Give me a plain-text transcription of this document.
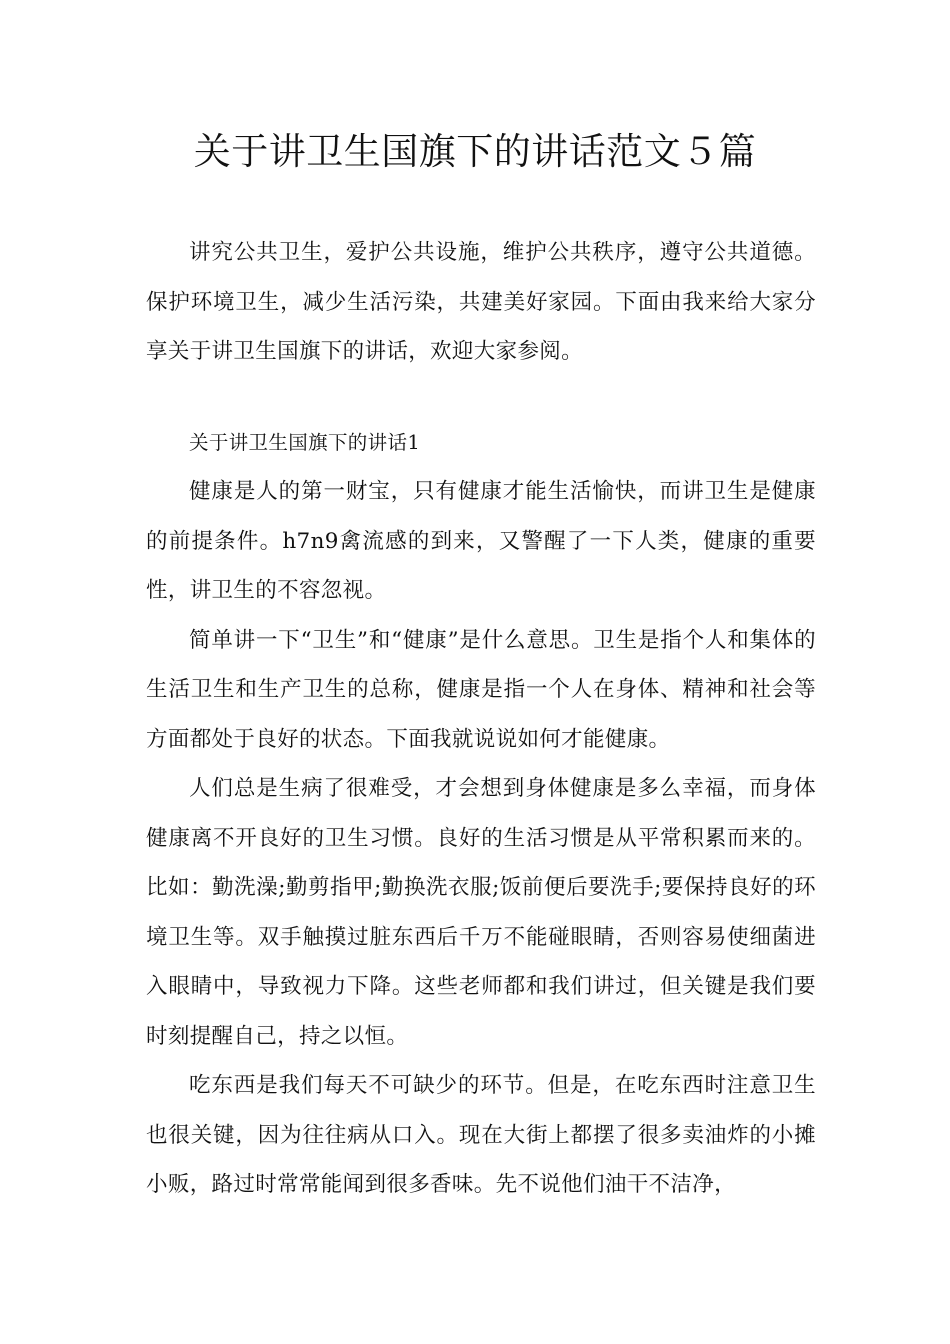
关于讲卫生国旗下的讲话范文５篇

讲究公共卫生，爱护公共设施，维护公共秩序，遵守公共道德。保护环境卫生，减少生活污染，共建美好家园。下面由我来给大家分享关于讲卫生国旗下的讲话，欢迎大家参阅。

关于讲卫生国旗下的讲话1

健康是人的第一财宝，只有健康才能生活愉快，而讲卫生是健康的前提条件。h7n9禽流感的到来，又警醒了一下人类，健康的重要性，讲卫生的不容忽视。

简单讲一下“卫生”和“健康”是什么意思。卫生是指个人和集体的生活卫生和生产卫生的总称，健康是指一个人在身体、精神和社会等方面都处于良好的状态。下面我就说说如何才能健康。

人们总是生病了很难受，才会想到身体健康是多么幸福，而身体健康离不开良好的卫生习惯。良好的生活习惯是从平常积累而来的。比如：勤洗澡;勤剪指甲;勤换洗衣服;饭前便后要洗手;要保持良好的环境卫生等。双手触摸过脏东西后千万不能碰眼睛，否则容易使细菌进入眼睛中，导致视力下降。这些老师都和我们讲过，但关键是我们要时刻提醒自己，持之以恒。

吃东西是我们每天不可缺少的环节。但是，在吃东西时注意卫生也很关键，因为往往病从口入。现在大街上都摆了很多卖油炸的小摊小贩，路过时常常能闻到很多香味。先不说他们油干不洁净，
